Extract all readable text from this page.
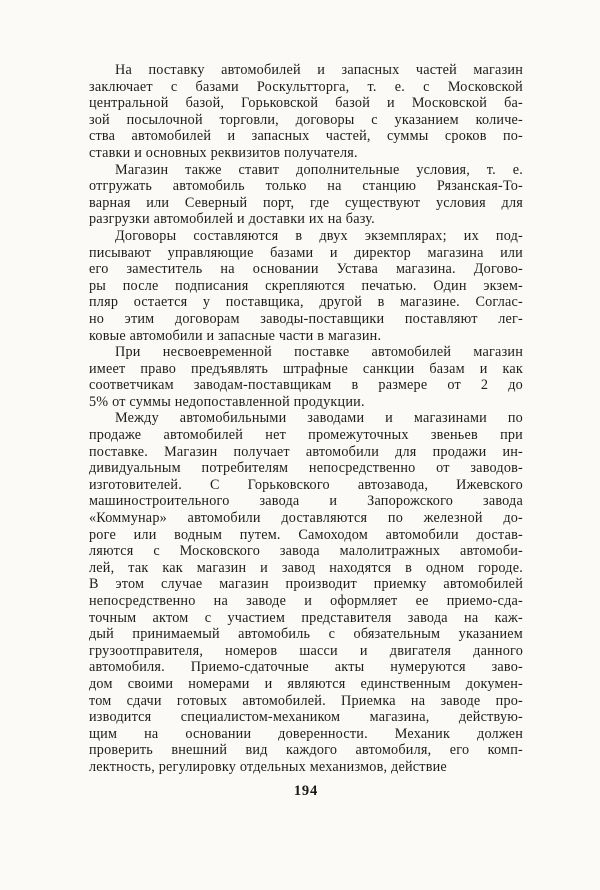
На поставку автомобилей и запасных частей магазин
заключает с базами Роскультторга, т. е. с Московской
центральной базой, Горьковской базой и Московской ба-
зой посылочной торговли, договоры с указанием количе-
ства автомобилей и запасных частей, суммы сроков по-
ставки и основных реквизитов получателя.

Магазин также ставит дополнительные условия, т. е.
отгружать автомобиль только на станцию Рязанская-То-
варная или Северный порт, где существуют условия для
разгрузки автомобилей и доставки их на базу.

Договоры составляются в двух экземплярах; их под-
писывают управляющие базами и директор магазина или
его заместитель на основании Устава магазина. Догово-
ры после подписания скрепляются печатью. Один экзем-
пляр остается у поставщика, другой в магазине. Соглас-
но этим договорам заводы-поставщики поставляют лег-
ковые автомобили и запасные части в магазин.

При несвоевременной поставке автомобилей магазин
имеет право предъявлять штрафные санкции базам и как
соответчикам заводам-поставщикам в размере от 2 до
5% от суммы недопоставленной продукции.

Между автомобильными заводами и магазинами по
продаже автомобилей нет промежуточных звеньев при
поставке. Магазин получает автомобили для продажи ин-
дивидуальным потребителям непосредственно от заводов-
изготовителей. С Горьковского автозавода, Ижевского
машиностроительного завода и Запорожского завода
«Коммунар» автомобили доставляются по железной до-
роге или водным путем. Самоходом автомобили достав-
ляются с Московского завода малолитражных автомоби-
лей, так как магазин и завод находятся в одном городе.
В этом случае магазин производит приемку автомобилей
непосредственно на заводе и оформляет ее приемо-сда-
точным актом с участием представителя завода на каж-
дый принимаемый автомобиль с обязательным указанием
грузоотправителя, номеров шасси и двигателя данного
автомобиля. Приемо-сдаточные акты нумеруются заво-
дом своими номерами и являются единственным докумен-
том сдачи готовых автомобилей. Приемка на заводе про-
изводится специалистом-механиком магазина, действую-
щим на основании доверенности. Механик должен
проверить внешний вид каждого автомобиля, его комп-
лектность, регулировку отдельных механизмов, действие

194
